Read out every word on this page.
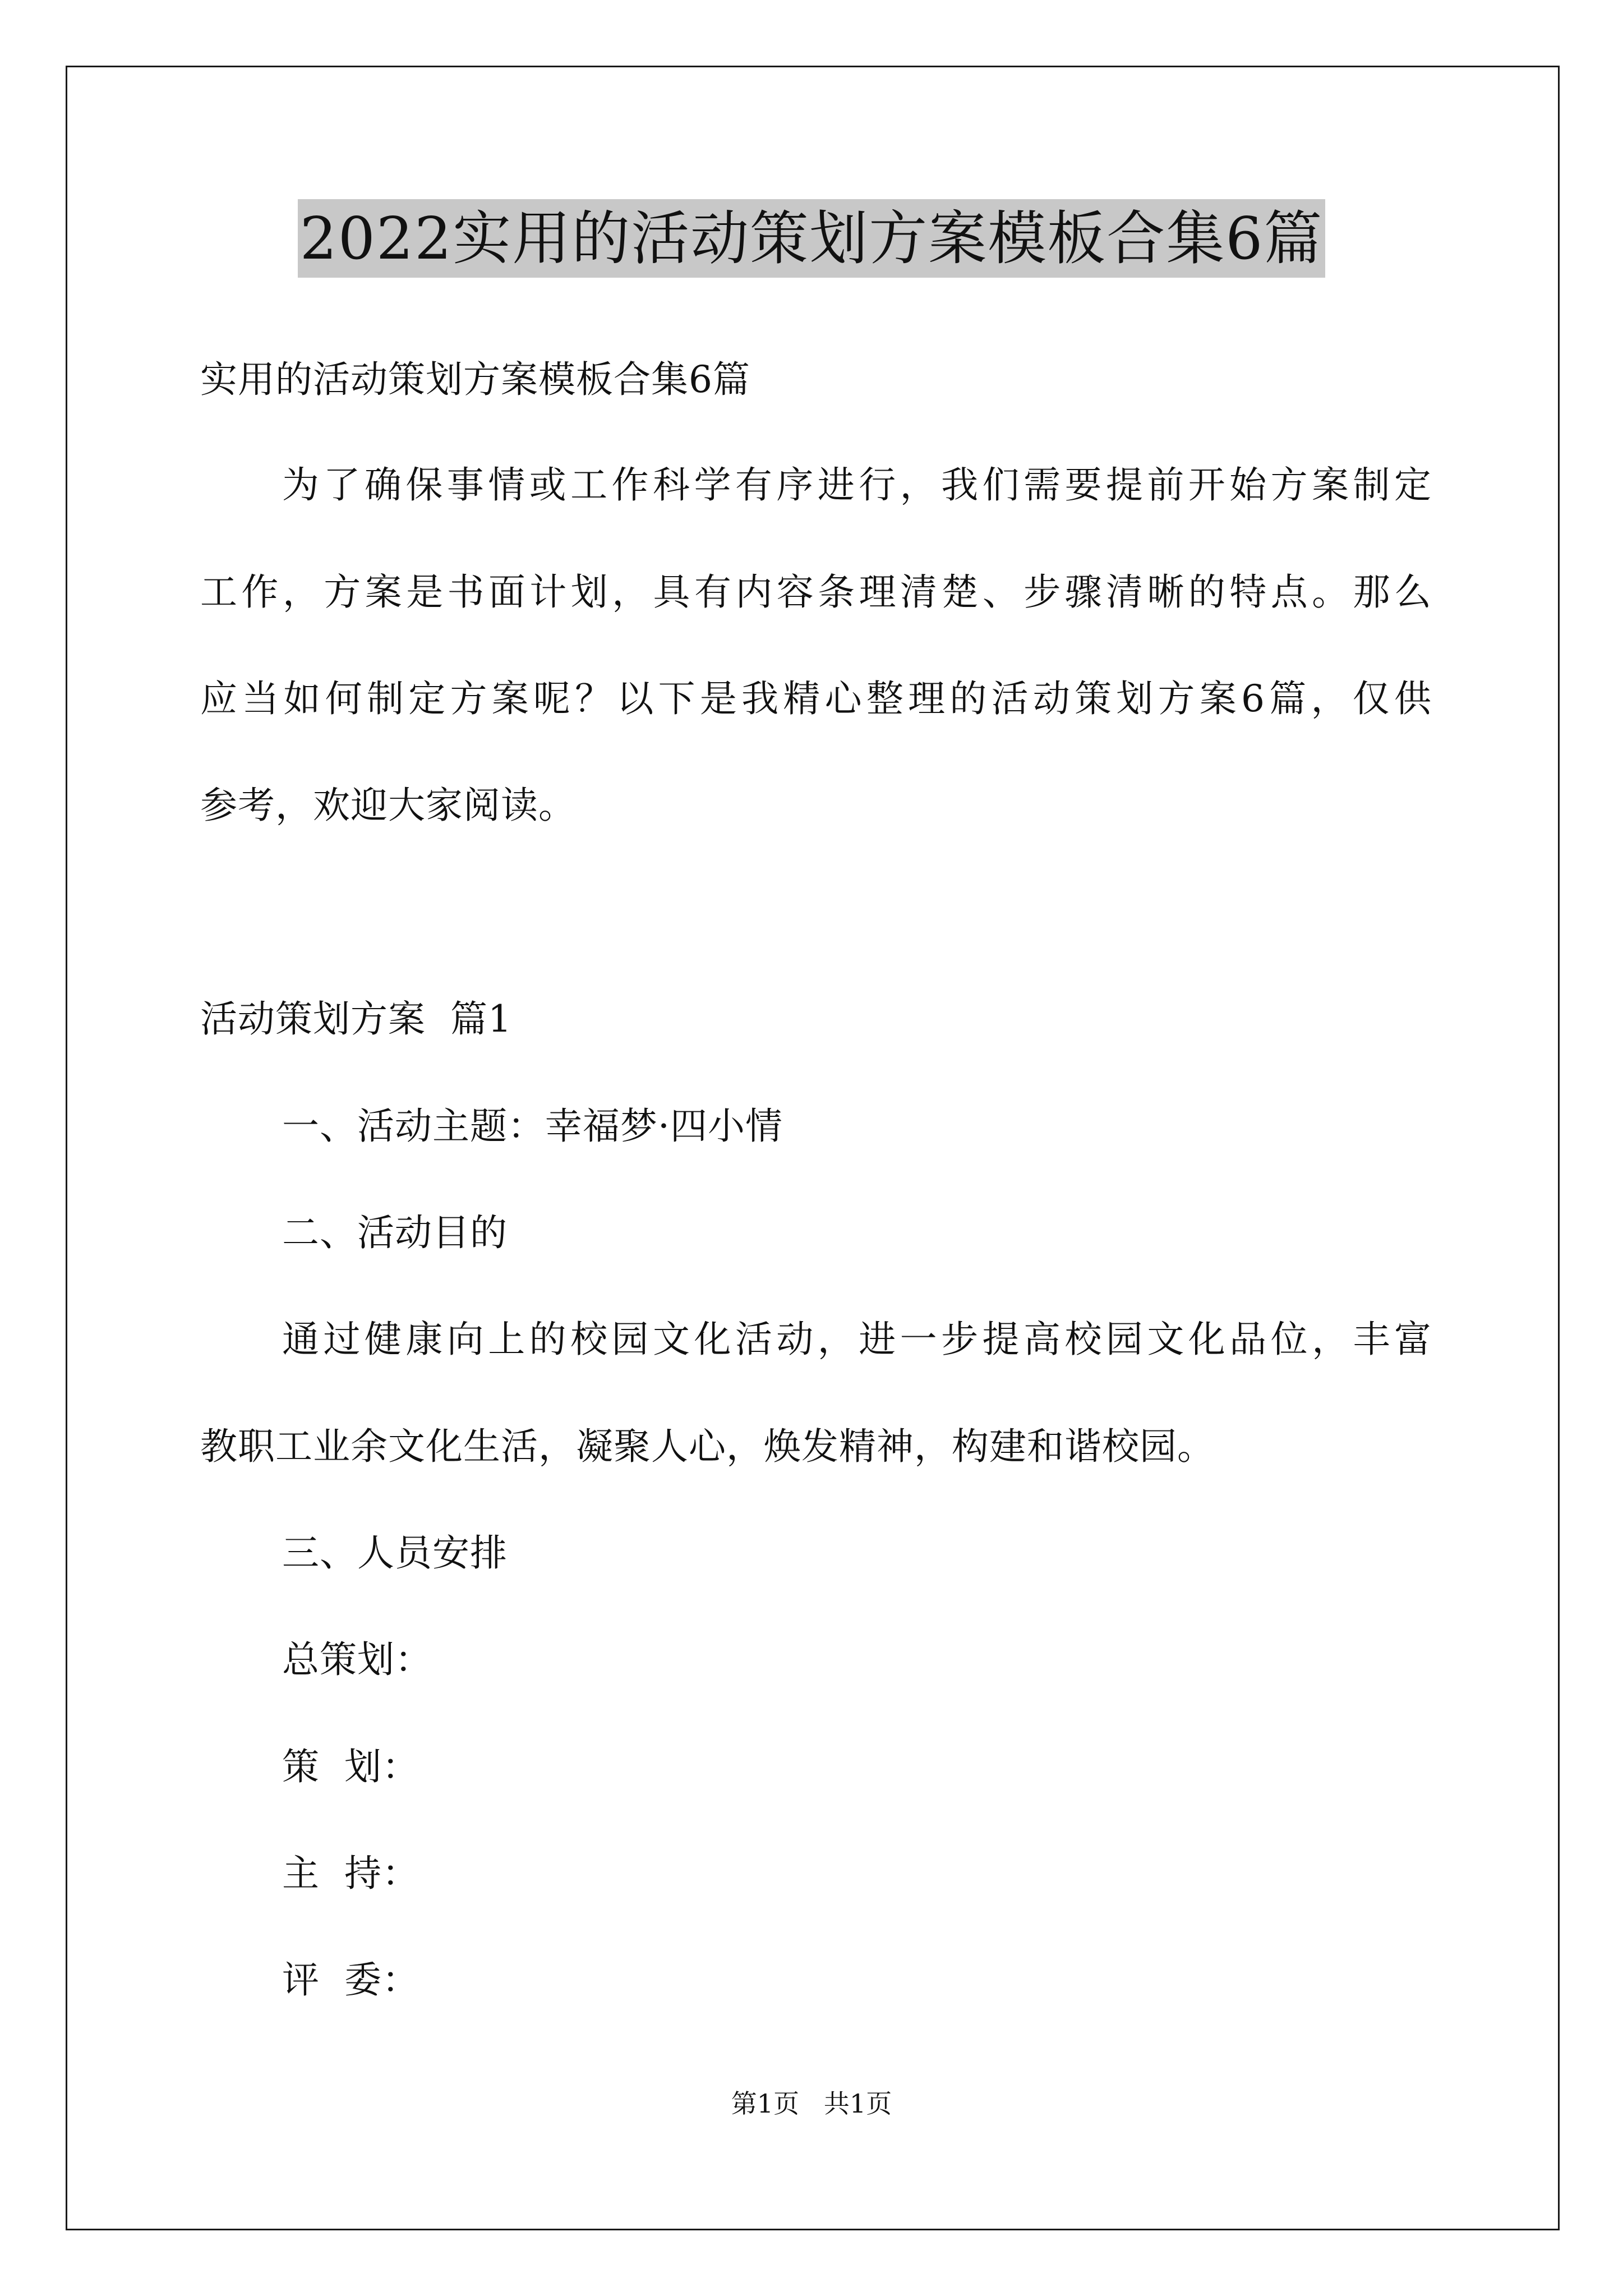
2022实用的活动策划方案模板合集6篇
实用的活动策划方案模板合集6篇
为了确保事情或工作科学有序进行，我们需要提前开始方案制定
工作，方案是书面计划，具有内容条理清楚、步骤清晰的特点。那么
应当如何制定方案呢？以下是我精心整理的活动策划方案6篇，仅供
参考，欢迎大家阅读。
活动策划方案  篇1
一、活动主题：幸福梦·四小情
二、活动目的
通过健康向上的校园文化活动，进一步提高校园文化品位，丰富
教职工业余文化生活，凝聚人心，焕发精神，构建和谐校园。
三、人员安排
总策划：
策  划：
主  持：
评  委：
第1页   共1页
